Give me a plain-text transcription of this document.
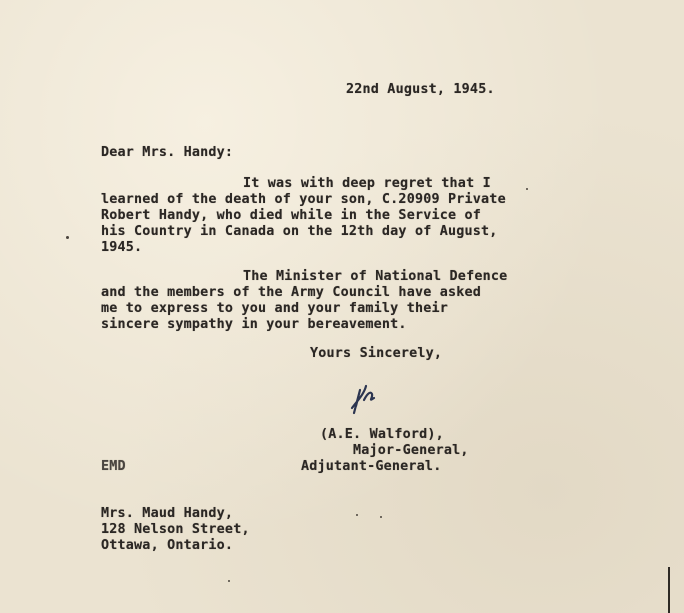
22nd August, 1945.
Dear Mrs. Handy:
It was with deep regret that I
learned of the death of your son, C.20909 Private
Robert Handy, who died while in the Service of
his Country in Canada on the 12th day of August,
1945.
The Minister of National Defence
and the members of the Army Council have asked
me to express to you and your family their
sincere sympathy in your bereavement.
Yours Sincerely,
(A.E. Walford),
Major-General,
Adjutant-General.
EMD
Mrs. Maud Handy,
128 Nelson Street,
Ottawa, Ontario.
